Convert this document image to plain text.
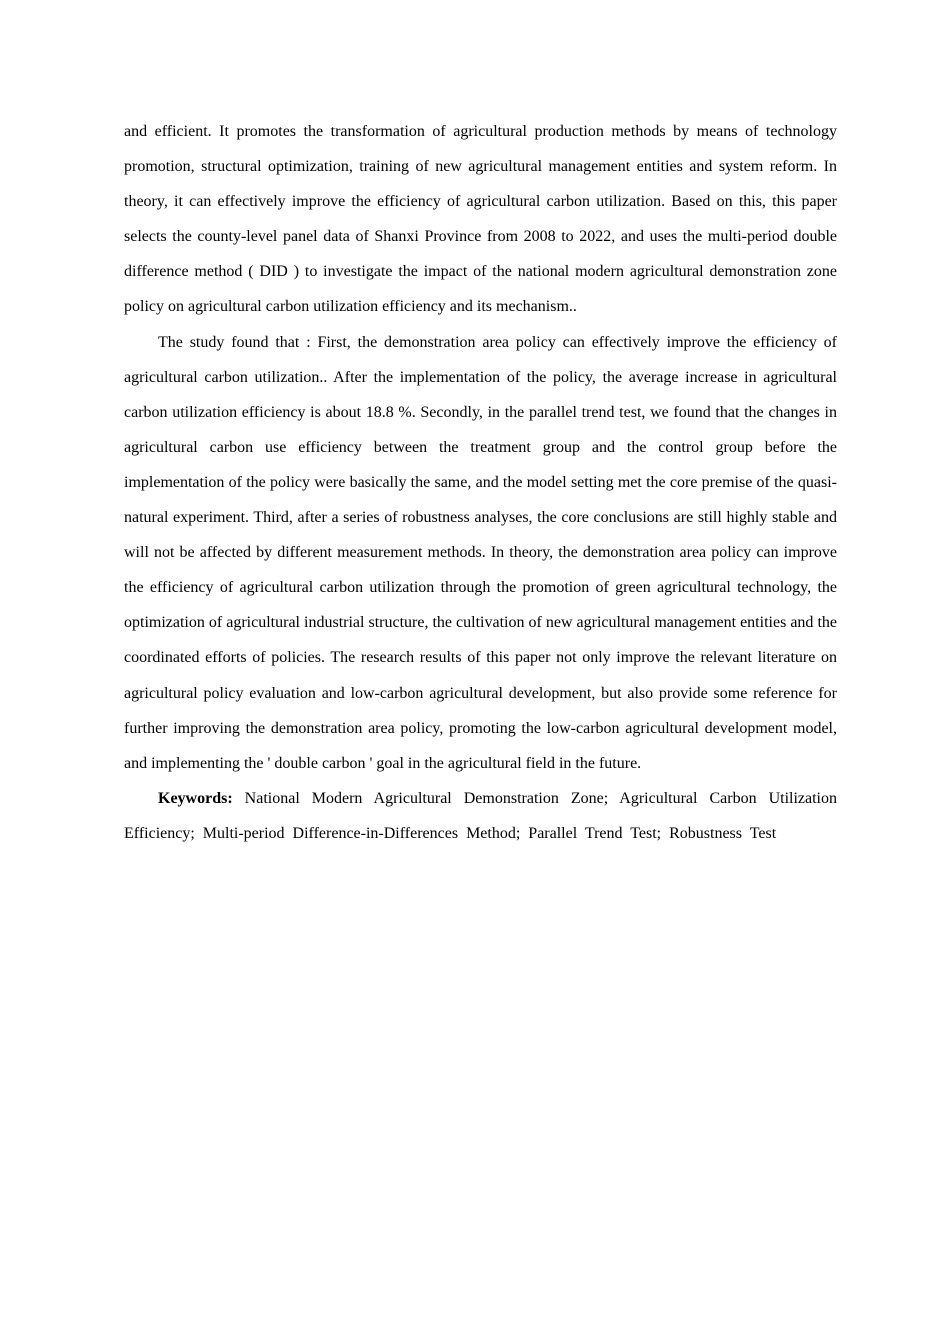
and efficient. It promotes the transformation of agricultural production methods by means of technology promotion, structural optimization, training of new agricultural management entities and system reform. In theory, it can effectively improve the efficiency of agricultural carbon utilization. Based on this, this paper selects the county-level panel data of Shanxi Province from 2008 to 2022, and uses the multi-period double difference method ( DID ) to investigate the impact of the national modern agricultural demonstration zone policy on agricultural carbon utilization efficiency and its mechanism..

The study found that : First, the demonstration area policy can effectively improve the efficiency of agricultural carbon utilization.. After the implementation of the policy, the average increase in agricultural carbon utilization efficiency is about 18.8 %. Secondly, in the parallel trend test, we found that the changes in agricultural carbon use efficiency between the treatment group and the control group before the implementation of the policy were basically the same, and the model setting met the core premise of the quasi-natural experiment. Third, after a series of robustness analyses, the core conclusions are still highly stable and will not be affected by different measurement methods. In theory, the demonstration area policy can improve the efficiency of agricultural carbon utilization through the promotion of green agricultural technology, the optimization of agricultural industrial structure, the cultivation of new agricultural management entities and the coordinated efforts of policies. The research results of this paper not only improve the relevant literature on agricultural policy evaluation and low-carbon agricultural development, but also provide some reference for further improving the demonstration area policy, promoting the low-carbon agricultural development model, and implementing the ' double carbon ' goal in the agricultural field in the future.

Keywords: National Modern Agricultural Demonstration Zone; Agricultural Carbon Utilization Efficiency; Multi-period Difference-in-Differences Method; Parallel Trend Test; Robustness Test
